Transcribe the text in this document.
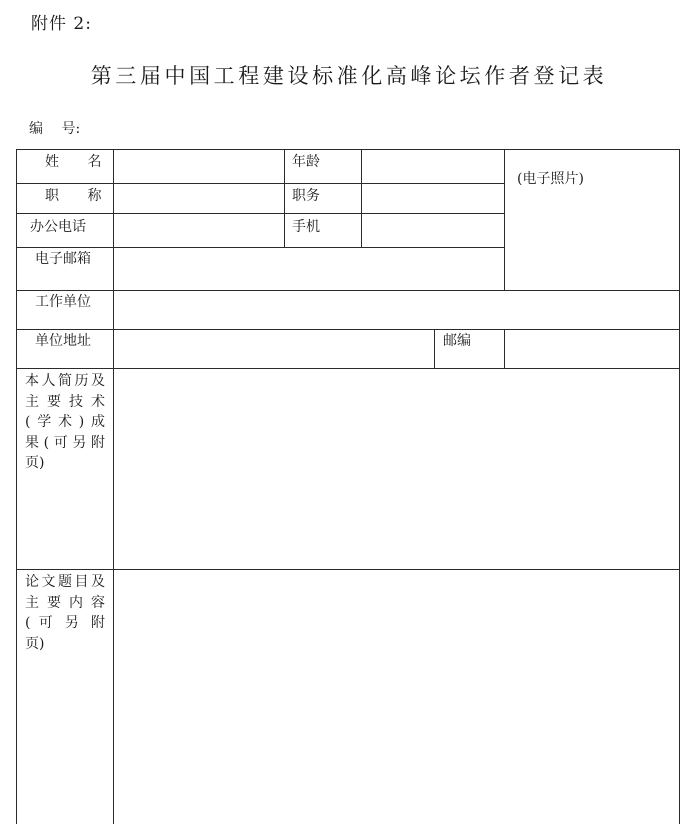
附件 2:
第三届中国工程建设标准化高峰论坛作者登记表
编 号:
姓 名	年龄
(电子照片)
职 称	职务
办公电话	手机
电子邮箱
工作单位
单位地址	邮编
本人简历及
主要技术
(学术)成
果(可另附
页)
论文题目及
主要内容
( 可 另 附
页)
